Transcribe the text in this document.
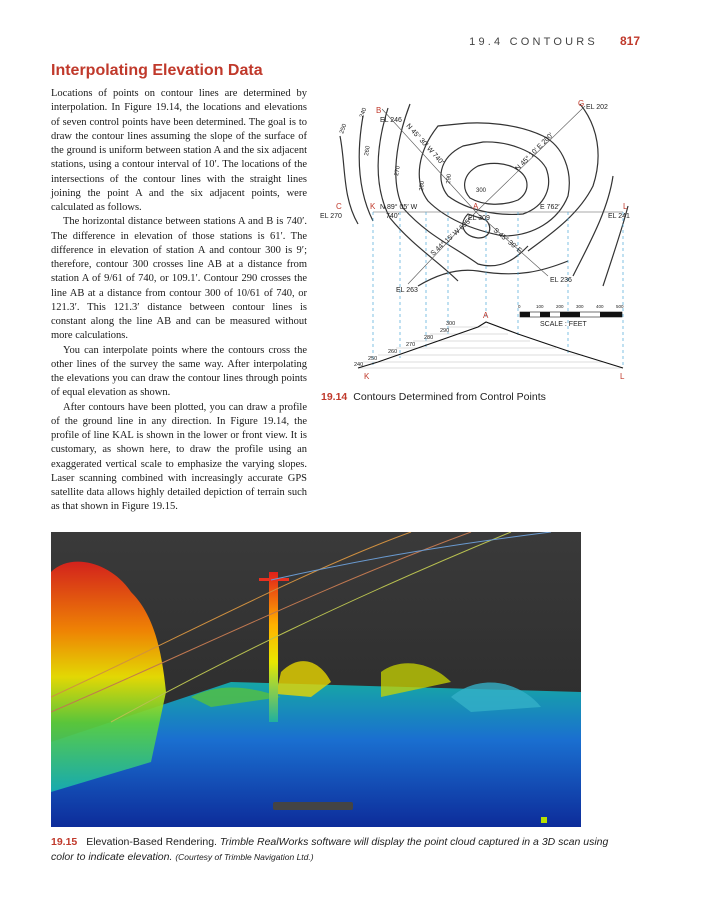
19.4 CONTOURS 817
Interpolating Elevation Data

Locations of points on contour lines are determined by interpolation. In Figure 19.14, the locations and elevations of seven control points have been determined. The goal is to draw the contour lines assuming the slope of the surface of the ground is uniform between station A and the six adjacent stations, using a contour interval of 10′. The locations of the intersections of the contour lines with the straight lines joining the point A and the six adjacent points, were calculated as follows.

The horizontal distance between stations A and B is 740′. The difference in elevation of those stations is 61′. The difference in elevation of station A and contour 300 is 9′; therefore, contour 300 crosses line AB at a distance from station A of 9/61 of 740, or 109.1′. Contour 290 crosses the line AB at a distance from contour 300 of 10/61 of 740, or 121.3′. This 121.3′ distance between contour lines is constant along the line AB and can be measured without more calculations.

You can interpolate points where the contours cross the other lines of the survey the same way. After interpolating the elevations you can draw the contour lines through points of equal elevation as shown.

After contours have been plotted, you can draw a profile of the ground line in any direction. In Figure 19.14, the profile of line KAL is shown in the lower or front view. It is customary, as shown here, to draw the profile using an exaggerated vertical scale to emphasize the varying slopes. Laser scanning combined with increasingly accurate GPS satellite data allows highly detailed depiction of terrain such as that shown in Figure 19.15.

B
EL 246
G EL 202
C
EL 270
K	A
EL 309
L
EL 241
N 89° 05′ W
740′
E 762′
EL 263
EL 236
A
N 45° 30′ W 740′	N 45° 10′ E 200′
S 44° 15′ W 635′	S 45° 30′ E
250
240
260
270
280
290
300
0	100	200	300	400	500
SCALE : FEET
300
290
280
270
260
250
240
K	L
19.14 Contours Determined from Control Points
19.15 Elevation-Based Rendering. Trimble RealWorks software will display the point cloud captured in a 3D scan using color to indicate elevation. (Courtesy of Trimble Navigation Ltd.)
